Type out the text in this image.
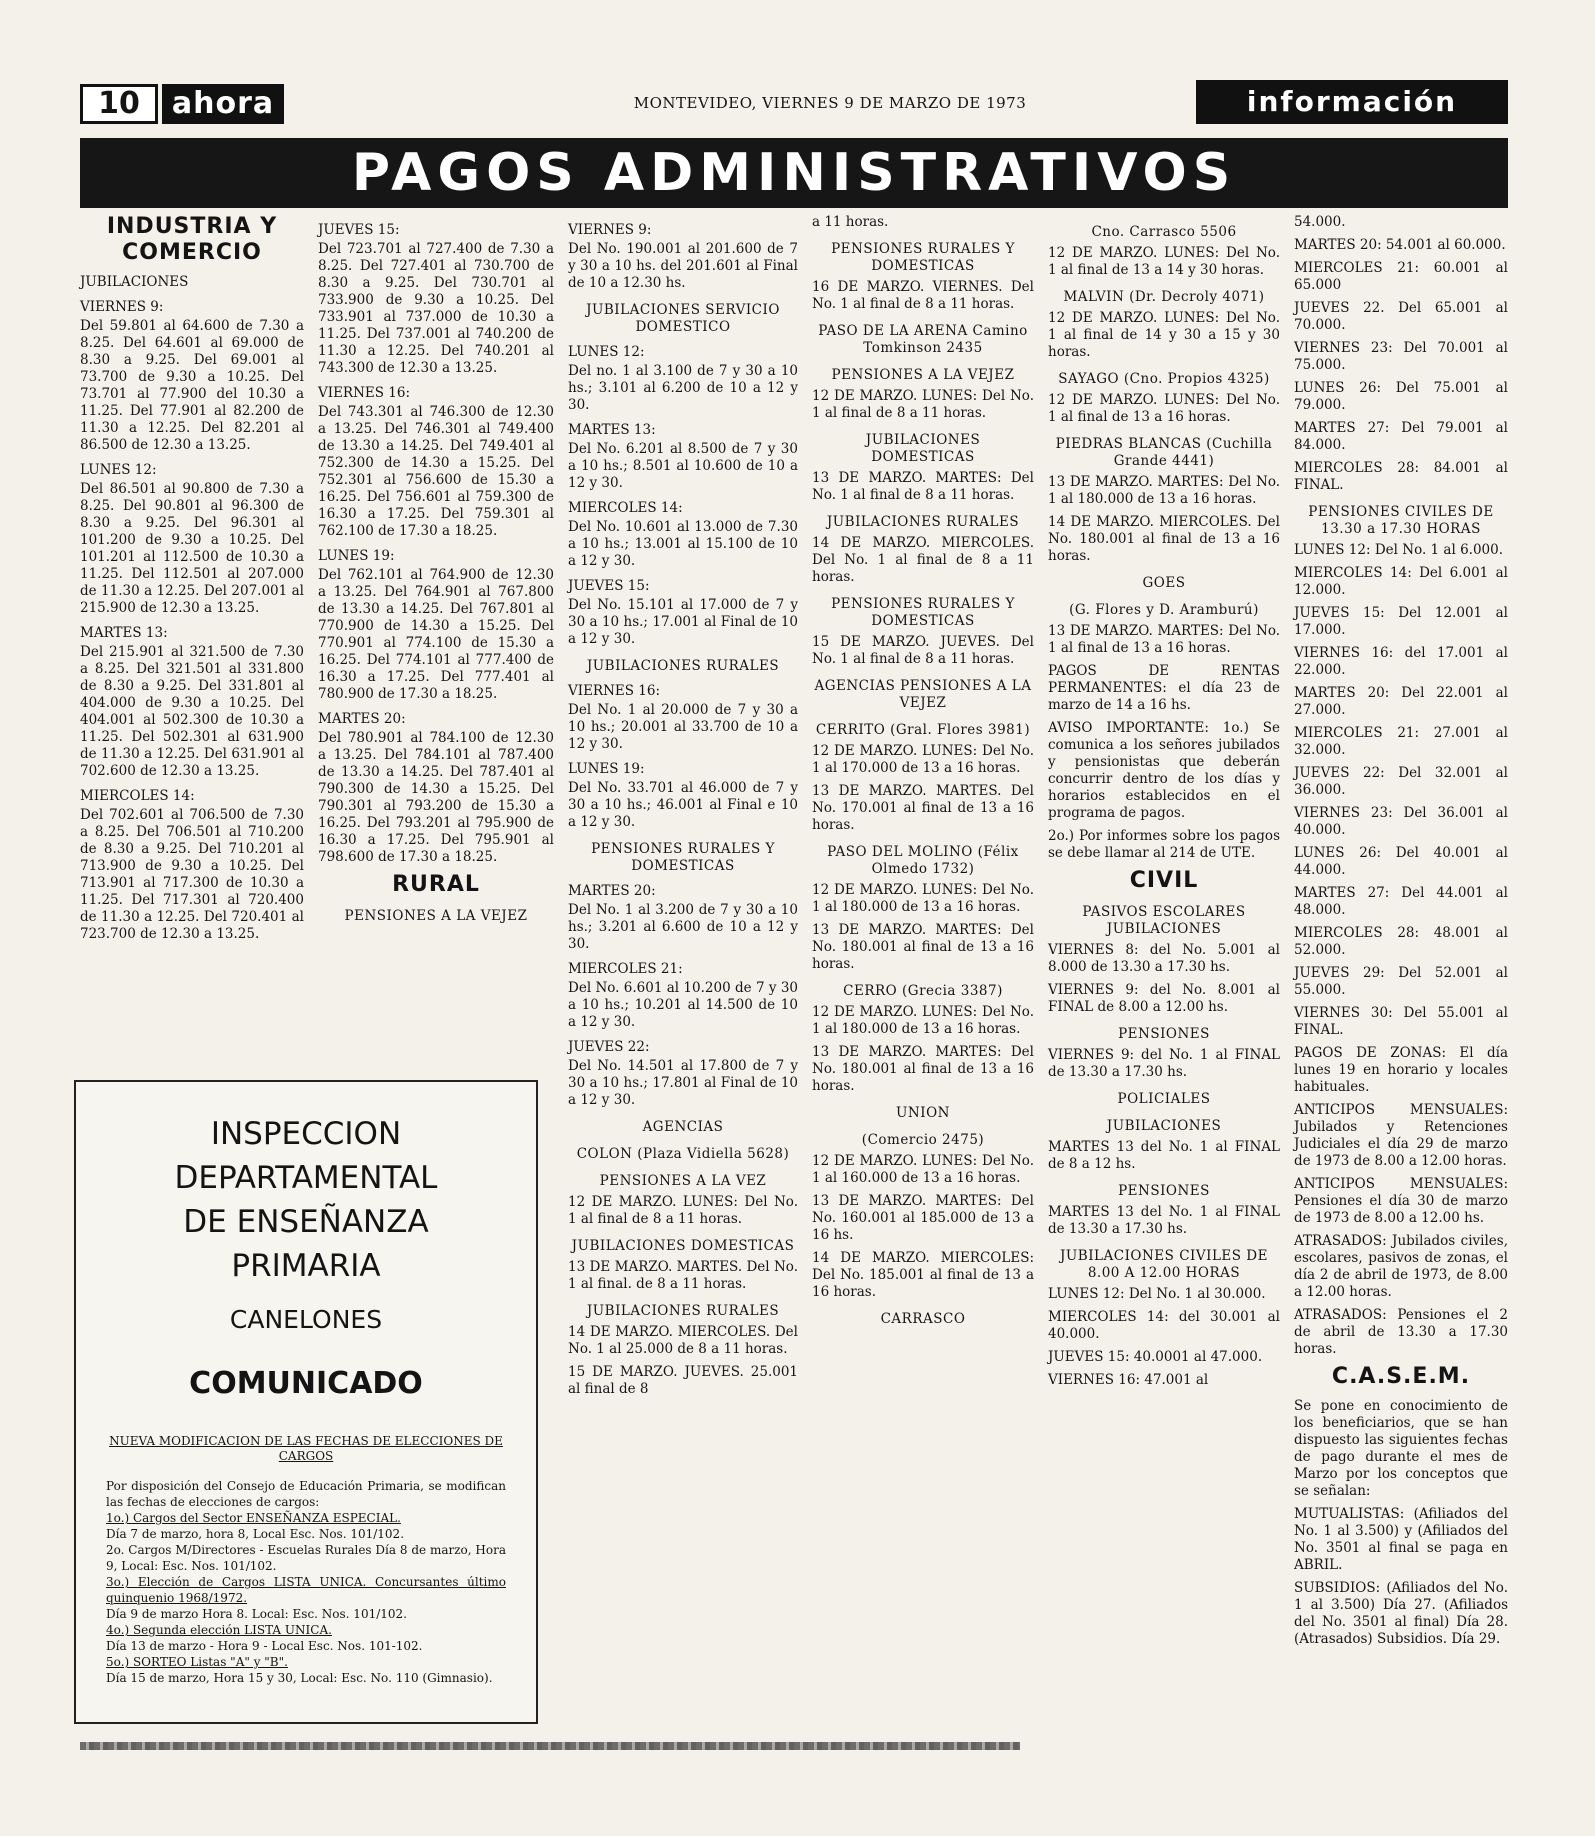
10	ahora	MONTEVIDEO, VIERNES 9 DE MARZO DE 1973	información
PAGOS ADMINISTRATIVOS
INDUSTRIA Y COMERCIO

JUBILACIONES

VIERNES 9:

Del 59.801 al 64.600 de 7.30 a 8.25. Del 64.601 al 69.000 de 8.30 a 9.25. Del 69.001 al 73.700 de 9.30 a 10.25. Del 73.701 al 77.900 del 10.30 a 11.25. Del 77.901 al 82.200 de 11.30 a 12.25. Del 82.201 al 86.500 de 12.30 a 13.25.

LUNES 12:

Del 86.501 al 90.800 de 7.30 a 8.25. Del 90.801 al 96.300 de 8.30 a 9.25. Del 96.301 al 101.200 de 9.30 a 10.25. Del 101.201 al 112.500 de 10.30 a 11.25. Del 112.501 al 207.000 de 11.30 a 12.25. Del 207.001 al 215.900 de 12.30 a 13.25.

MARTES 13:

Del 215.901 al 321.500 de 7.30 a 8.25. Del 321.501 al 331.800 de 8.30 a 9.25. Del 331.801 al 404.000 de 9.30 a 10.25. Del 404.001 al 502.300 de 10.30 a 11.25. Del 502.301 al 631.900 de 11.30 a 12.25. Del 631.901 al 702.600 de 12.30 a 13.25.

MIERCOLES 14:

Del 702.601 al 706.500 de 7.30 a 8.25. Del 706.501 al 710.200 de 8.30 a 9.25. Del 710.201 al 713.900 de 9.30 a 10.25. Del 713.901 al 717.300 de 10.30 a 11.25. Del 717.301 al 720.400 de 11.30 a 12.25. Del 720.401 al 723.700 de 12.30 a 13.25.

JUEVES 15:

Del 723.701 al 727.400 de 7.30 a 8.25. Del 727.401 al 730.700 de 8.30 a 9.25. Del 730.701 al 733.900 de 9.30 a 10.25. Del 733.901 al 737.000 de 10.30 a 11.25. Del 737.001 al 740.200 de 11.30 a 12.25. Del 740.201 al 743.300 de 12.30 a 13.25.

VIERNES 16:

Del 743.301 al 746.300 de 12.30 a 13.25. Del 746.301 al 749.400 de 13.30 a 14.25. Del 749.401 al 752.300 de 14.30 a 15.25. Del 752.301 al 756.600 de 15.30 a 16.25. Del 756.601 al 759.300 de 16.30 a 17.25. Del 759.301 al 762.100 de 17.30 a 18.25.

LUNES 19:

Del 762.101 al 764.900 de 12.30 a 13.25. Del 764.901 al 767.800 de 13.30 a 14.25. Del 767.801 al 770.900 de 14.30 a 15.25. Del 770.901 al 774.100 de 15.30 a 16.25. Del 774.101 al 777.400 de 16.30 a 17.25. Del 777.401 al 780.900 de 17.30 a 18.25.

MARTES 20:

Del 780.901 al 784.100 de 12.30 a 13.25. Del 784.101 al 787.400 de 13.30 a 14.25. Del 787.401 al 790.300 de 14.30 a 15.25. Del 790.301 al 793.200 de 15.30 a 16.25. Del 793.201 al 795.900 de 16.30 a 17.25. Del 795.901 al 798.600 de 17.30 a 18.25.

RURAL

PENSIONES A LA VEJEZ

VIERNES 9:

Del No. 190.001 al 201.600 de 7 y 30 a 10 hs. del 201.601 al Final de 10 a 12.30 hs.

JUBILACIONES SERVICIO DOMESTICO

LUNES 12:

Del no. 1 al 3.100 de 7 y 30 a 10 hs.; 3.101 al 6.200 de 10 a 12 y 30.

MARTES 13:

Del No. 6.201 al 8.500 de 7 y 30 a 10 hs.; 8.501 al 10.600 de 10 a 12 y 30.

MIERCOLES 14:

Del No. 10.601 al 13.000 de 7.30 a 10 hs.; 13.001 al 15.100 de 10 a 12 y 30.

JUEVES 15:

Del No. 15.101 al 17.000 de 7 y 30 a 10 hs.; 17.001 al Final de 10 a 12 y 30.

JUBILACIONES RURALES

VIERNES 16:

Del No. 1 al 20.000 de 7 y 30 a 10 hs.; 20.001 al 33.700 de 10 a 12 y 30.

LUNES 19:

Del No. 33.701 al 46.000 de 7 y 30 a 10 hs.; 46.001 al Final e 10 a 12 y 30.

PENSIONES RURALES Y DOMESTICAS

MARTES 20:

Del No. 1 al 3.200 de 7 y 30 a 10 hs.; 3.201 al 6.600 de 10 a 12 y 30.

MIERCOLES 21:

Del No. 6.601 al 10.200 de 7 y 30 a 10 hs.; 10.201 al 14.500 de 10 a 12 y 30.

JUEVES 22:

Del No. 14.501 al 17.800 de 7 y 30 a 10 hs.; 17.801 al Final de 10 a 12 y 30.

AGENCIAS

COLON (Plaza Vidiella 5628)

PENSIONES A LA VEZ

12 DE MARZO. LUNES: Del No. 1 al final de 8 a 11 horas.

JUBILACIONES DOMESTICAS

13 DE MARZO. MARTES. Del No. 1 al final. de 8 a 11 horas.

JUBILACIONES RURALES

14 DE MARZO. MIERCOLES. Del No. 1 al 25.000 de 8 a 11 horas.

15 DE MARZO. JUEVES. 25.001 al final de 8

a 11 horas.

PENSIONES RURALES Y DOMESTICAS

16 DE MARZO. VIERNES. Del No. 1 al final de 8 a 11 horas.

PASO DE LA ARENA Camino Tomkinson 2435

PENSIONES A LA VEJEZ

12 DE MARZO. LUNES: Del No. 1 al final de 8 a 11 horas.

JUBILACIONES DOMESTICAS

13 DE MARZO. MARTES: Del No. 1 al final de 8 a 11 horas.

JUBILACIONES RURALES

14 DE MARZO. MIERCOLES. Del No. 1 al final de 8 a 11 horas.

PENSIONES RURALES Y DOMESTICAS

15 DE MARZO. JUEVES. Del No. 1 al final de 8 a 11 horas.

AGENCIAS PENSIONES A LA VEJEZ

CERRITO (Gral. Flores 3981)

12 DE MARZO. LUNES: Del No. 1 al 170.000 de 13 a 16 horas.

13 DE MARZO. MARTES. Del No. 170.001 al final de 13 a 16 horas.

PASO DEL MOLINO (Félix Olmedo 1732)

12 DE MARZO. LUNES: Del No. 1 al 180.000 de 13 a 16 horas.

13 DE MARZO. MARTES: Del No. 180.001 al final de 13 a 16 horas.

CERRO (Grecia 3387)

12 DE MARZO. LUNES: Del No. 1 al 180.000 de 13 a 16 horas.

13 DE MARZO. MARTES: Del No. 180.001 al final de 13 a 16 horas.

UNION

(Comercio 2475)

12 DE MARZO. LUNES: Del No. 1 al 160.000 de 13 a 16 horas.

13 DE MARZO. MARTES: Del No. 160.001 al 185.000 de 13 a 16 hs.

14 DE MARZO. MIERCOLES: Del No. 185.001 al final de 13 a 16 horas.

CARRASCO

Cno. Carrasco 5506

12 DE MARZO. LUNES: Del No. 1 al final de 13 a 14 y 30 horas.

MALVIN (Dr. Decroly 4071)

12 DE MARZO. LUNES: Del No. 1 al final de 14 y 30 a 15 y 30 horas.

SAYAGO (Cno. Propios 4325)

12 DE MARZO. LUNES: Del No. 1 al final de 13 a 16 horas.

PIEDRAS BLANCAS (Cuchilla Grande 4441)

13 DE MARZO. MARTES: Del No. 1 al 180.000 de 13 a 16 horas.

14 DE MARZO. MIERCOLES. Del No. 180.001 al final de 13 a 16 horas.

GOES

(G. Flores y D. Aramburú)

13 DE MARZO. MARTES: Del No. 1 al final de 13 a 16 horas.

PAGOS DE RENTAS PERMANENTES: el día 23 de marzo de 14 a 16 hs.

AVISO IMPORTANTE: 1o.) Se comunica a los señores jubilados y pensionistas que deberán concurrir dentro de los días y horarios establecidos en el programa de pagos.

2o.) Por informes sobre los pagos se debe llamar al 214 de UTE.

CIVIL

PASIVOS ESCOLARES JUBILACIONES

VIERNES 8: del No. 5.001 al 8.000 de 13.30 a 17.30 hs.

VIERNES 9: del No. 8.001 al FINAL de 8.00 a 12.00 hs.

PENSIONES

VIERNES 9: del No. 1 al FINAL de 13.30 a 17.30 hs.

POLICIALES

JUBILACIONES

MARTES 13 del No. 1 al FINAL de 8 a 12 hs.

PENSIONES

MARTES 13 del No. 1 al FINAL de 13.30 a 17.30 hs.

JUBILACIONES CIVILES DE 8.00 A 12.00 HORAS

LUNES 12: Del No. 1 al 30.000.

MIERCOLES 14: del 30.001 al 40.000.

JUEVES 15: 40.0001 al 47.000.

VIERNES 16: 47.001 al

54.000.

MARTES 20: 54.001 al 60.000.

MIERCOLES 21: 60.001 al 65.000

JUEVES 22. Del 65.001 al 70.000.

VIERNES 23: Del 70.001 al 75.000.

LUNES 26: Del 75.001 al 79.000.

MARTES 27: Del 79.001 al 84.000.

MIERCOLES 28: 84.001 al FINAL.

PENSIONES CIVILES DE 13.30 a 17.30 HORAS

LUNES 12: Del No. 1 al 6.000.

MIERCOLES 14: Del 6.001 al 12.000.

JUEVES 15: Del 12.001 al 17.000.

VIERNES 16: del 17.001 al 22.000.

MARTES 20: Del 22.001 al 27.000.

MIERCOLES 21: 27.001 al 32.000.

JUEVES 22: Del 32.001 al 36.000.

VIERNES 23: Del 36.001 al 40.000.

LUNES 26: Del 40.001 al 44.000.

MARTES 27: Del 44.001 al 48.000.

MIERCOLES 28: 48.001 al 52.000.

JUEVES 29: Del 52.001 al 55.000.

VIERNES 30: Del 55.001 al FINAL.

PAGOS DE ZONAS: El día lunes 19 en horario y locales habituales.

ANTICIPOS MENSUALES: Jubilados y Retenciones Judiciales el día 29 de marzo de 1973 de 8.00 a 12.00 horas.

ANTICIPOS MENSUALES: Pensiones el día 30 de marzo de 1973 de 8.00 a 12.00 hs.

ATRASADOS: Jubilados civiles, escolares, pasivos de zonas, el día 2 de abril de 1973, de 8.00 a 12.00 horas.

ATRASADOS: Pensiones el 2 de abril de 13.30 a 17.30 horas.

C.A.S.E.M.

Se pone en conocimiento de los beneficiarios, que se han dispuesto las siguientes fechas de pago durante el mes de Marzo por los conceptos que se señalan:

MUTUALISTAS: (Afiliados del No. 1 al 3.500) y (Afiliados del No. 3501 al final se paga en ABRIL.

SUBSIDIOS: (Afiliados del No. 1 al 3.500) Día 27. (Afiliados del No. 3501 al final) Día 28. (Atrasados) Subsidios. Día 29.

INSPECCION

DEPARTAMENTAL

DE ENSEÑANZA

PRIMARIA

CANELONES

COMUNICADO

NUEVA MODIFICACION DE LAS FECHAS DE ELECCIONES DE CARGOS

Por disposición del Consejo de Educación Primaria, se modifican las fechas de elecciones de cargos:

1o.) Cargos del Sector ENSEÑANZA ESPECIAL.

Día 7 de marzo, hora 8, Local Esc. Nos. 101/102.

2o. Cargos M/Directores - Escuelas Rurales Día 8 de marzo, Hora 9, Local: Esc. Nos. 101/102.

3o.) Elección de Cargos LISTA UNICA. Concursantes último quinquenio 1968/1972.

Día 9 de marzo Hora 8. Local: Esc. Nos. 101/102.

4o.) Segunda elección LISTA UNICA.

Día 13 de marzo - Hora 9 - Local Esc. Nos. 101-102.

5o.) SORTEO Listas "A" y "B".

Día 15 de marzo, Hora 15 y 30, Local: Esc. No. 110 (Gimnasio).
